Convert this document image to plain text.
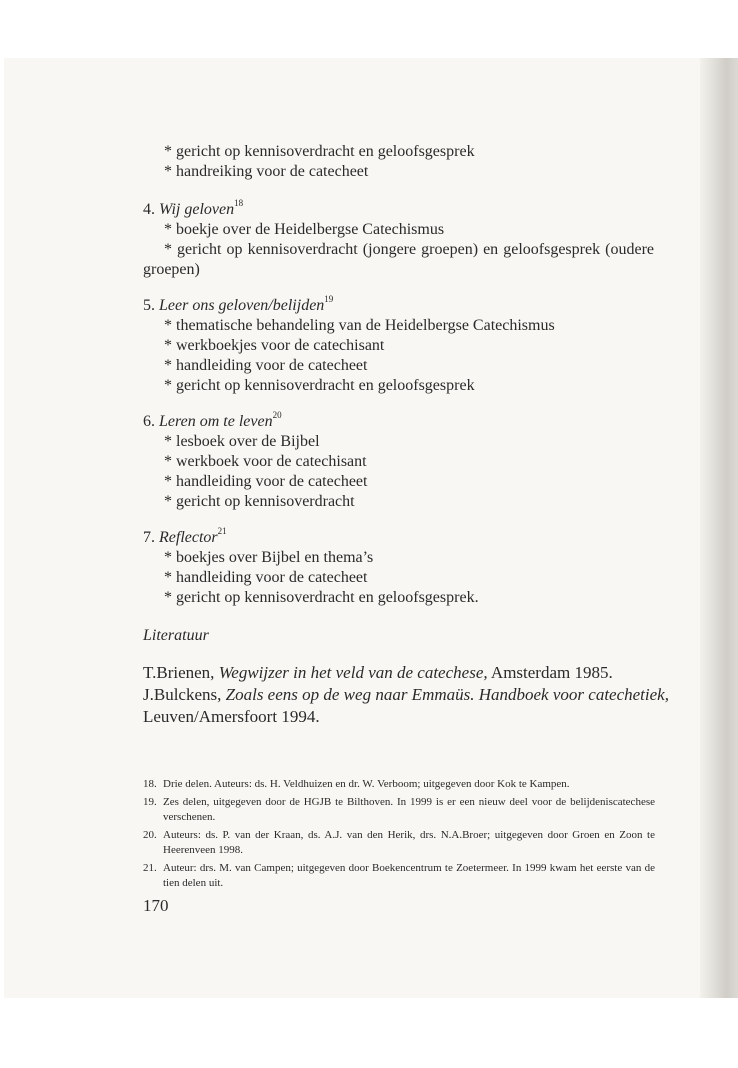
* gericht op kennisoverdracht en geloofsgesprek
* handreiking voor de catecheet
4. Wij geloven$^{18}$
* boekje over de Heidelbergse Catechismus
* gericht op kennisoverdracht (jongere groepen) en geloofsgesprek (oudere
groepen)
5. Leer ons geloven/belijden$^{19}$
* thematische behandeling van de Heidelbergse Catechismus
* werkboekjes voor de catechisant
* handleiding voor de catecheet
* gericht op kennisoverdracht en geloofsgesprek
6. Leren om te leven$^{20}$
* lesboek over de Bijbel
* werkboek voor de catechisant
* handleiding voor de catecheet
* gericht op kennisoverdracht
7. Reflector$^{21}$
* boekjes over Bijbel en thema’s
* handleiding voor de catecheet
* gericht op kennisoverdracht en geloofsgesprek.
Literatuur
T.Brienen, Wegwijzer in het veld van de catechese, Amsterdam 1985.
J.Bulckens, Zoals eens op de weg naar Emmaüs. Handboek voor catechetiek,
Leuven/Amersfoort 1994.
18. Drie delen. Auteurs: ds. H. Veldhuizen en dr. W. Verboom; uitgegeven door Kok te Kampen.
19. Zes delen, uitgegeven door de HGJB te Bilthoven. In 1999 is er een nieuw deel voor de belijdeniscatechese verschenen.
20. Auteurs: ds. P. van der Kraan, ds. A.J. van den Herik, drs. N.A.Broer; uitgegeven door Groen en Zoon te Heerenveen 1998.
21. Auteur: drs. M. van Campen; uitgegeven door Boekencentrum te Zoetermeer. In 1999 kwam het eerste van de tien delen uit.
170
